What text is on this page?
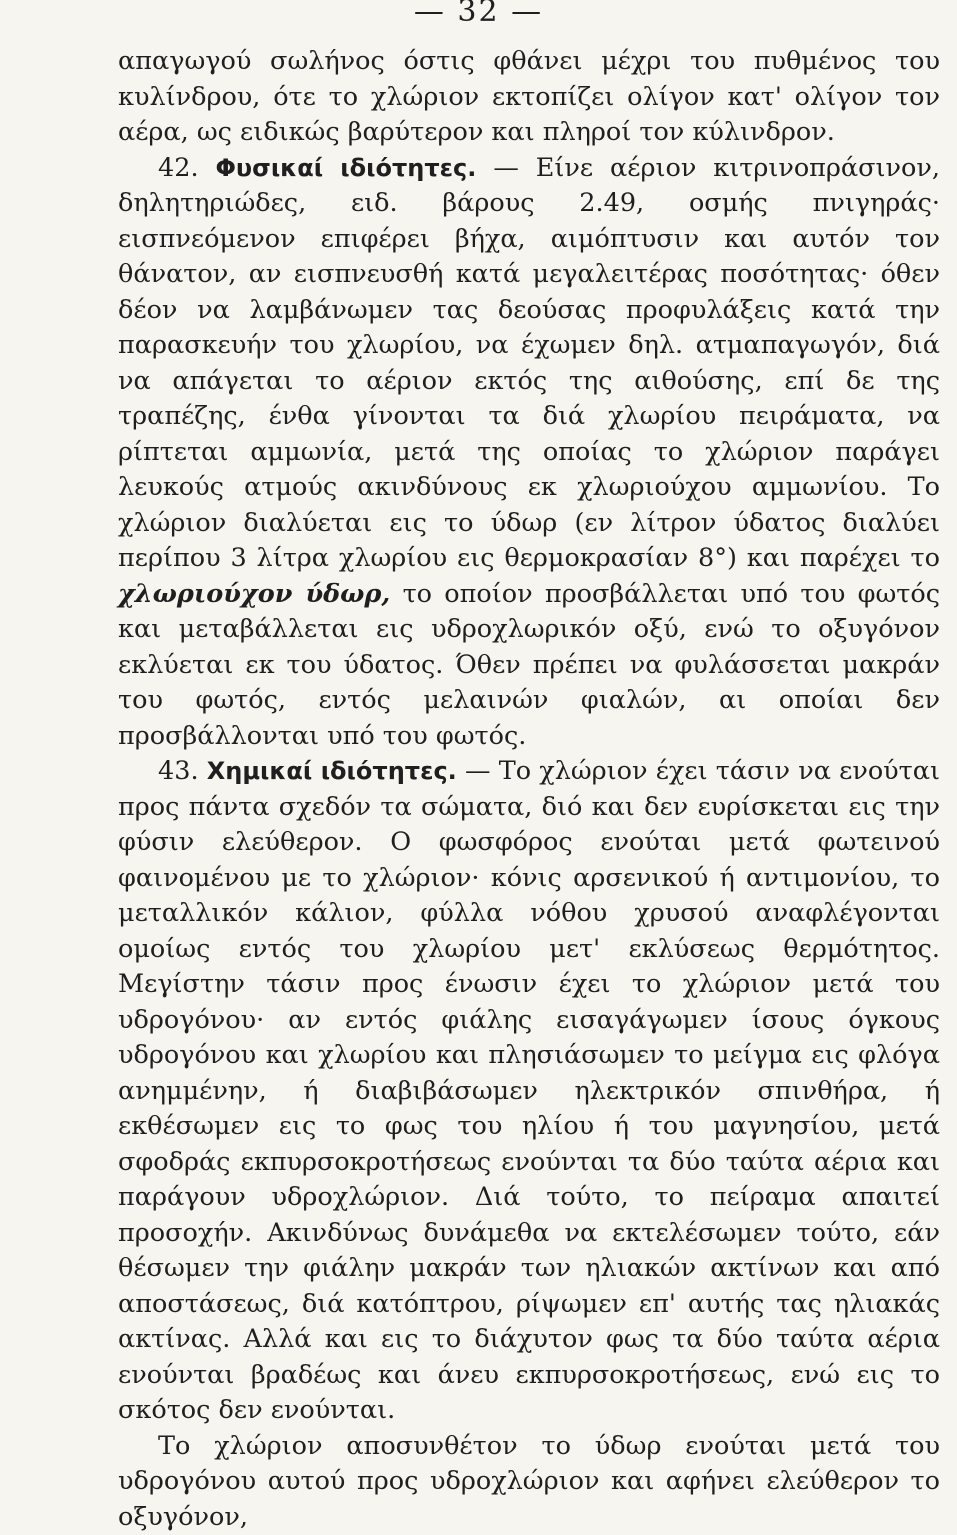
— 32 —

απαγωγού σωλήνος όστις φθάνει μέχρι του πυθμένος του κυλίνδρου, ότε το χλώριον εκτοπίζει ολίγον κατ' ολίγον τον αέρα, ως ειδικώς βαρύτερον και πληροί τον κύλινδρον.

42. Φυσικαί ιδιότητες. — Είνε αέριον κιτρινοπράσινον, δηλητηριώδες, ειδ. βάρους 2.49, οσμής πνιγηράς· εισπνεόμενον επιφέρει βήχα, αιμόπτυσιν και αυτόν τον θάνατον, αν εισπνευσθή κατά μεγαλειτέρας ποσότητας· όθεν δέον να λαμβάνωμεν τας δεούσας προφυλάξεις κατά την παρασκευήν του χλωρίου, να έχωμεν δηλ. ατμαπαγωγόν, διά να απάγεται το αέριον εκτός της αιθούσης, επί δε της τραπέζης, ένθα γίνονται τα διά χλωρίου πειράματα, να ρίπτεται αμμωνία, μετά της οποίας το χλώριον παράγει λευκούς ατμούς ακινδύνους εκ χλωριούχου αμμωνίου. Το χλώριον διαλύεται εις το ύδωρ (εν λίτρον ύδατος διαλύει περίπου 3 λίτρα χλωρίου εις θερμοκρασίαν 8°) και παρέχει το χλωριούχον ύδωρ, το οποίον προσβάλλεται υπό του φωτός και μεταβάλλεται εις υδροχλωρικόν οξύ, ενώ το οξυγόνον εκλύεται εκ του ύδατος. Όθεν πρέπει να φυλάσσεται μακράν του φωτός, εντός μελαινών φιαλών, αι οποίαι δεν προσβάλλονται υπό του φωτός.

43. Χημικαί ιδιότητες. — Το χλώριον έχει τάσιν να ενούται προς πάντα σχεδόν τα σώματα, διό και δεν ευρίσκεται εις την φύσιν ελεύθερον. Ο φωσφόρος ενούται μετά φωτεινού φαινομένου με το χλώριον· κόνις αρσενικού ή αντιμονίου, το μεταλλικόν κάλιον, φύλλα νόθου χρυσού αναφλέγονται ομοίως εντός του χλωρίου μετ' εκλύσεως θερμότητος. Μεγίστην τάσιν προς ένωσιν έχει το χλώριον μετά του υδρογόνου· αν εντός φιάλης εισαγάγωμεν ίσους όγκους υδρογόνου και χλωρίου και πλησιάσωμεν το μείγμα εις φλόγα ανημμένην, ή διαβιβάσωμεν ηλεκτρικόν σπινθήρα, ή εκθέσωμεν εις το φως του ηλίου ή του μαγνησίου, μετά σφοδράς εκπυρσοκροτήσεως ενούνται τα δύο ταύτα αέρια και παράγουν υδροχλώριον. Διά τούτο, το πείραμα απαιτεί προσοχήν. Ακινδύνως δυνάμεθα να εκτελέσωμεν τούτο, εάν θέσωμεν την φιάλην μακράν των ηλιακών ακτίνων και από αποστάσεως, διά κατόπτρου, ρίψωμεν επ' αυτής τας ηλιακάς ακτίνας. Αλλά και εις το διάχυτον φως τα δύο ταύτα αέρια ενούνται βραδέως και άνευ εκπυρσοκροτήσεως, ενώ εις το σκότος δεν ενούνται.

Το χλώριον αποσυνθέτον το ύδωρ ενούται μετά του υδρογόνου αυτού προς υδροχλώριον και αφήνει ελεύθερον το οξυγόνον,
